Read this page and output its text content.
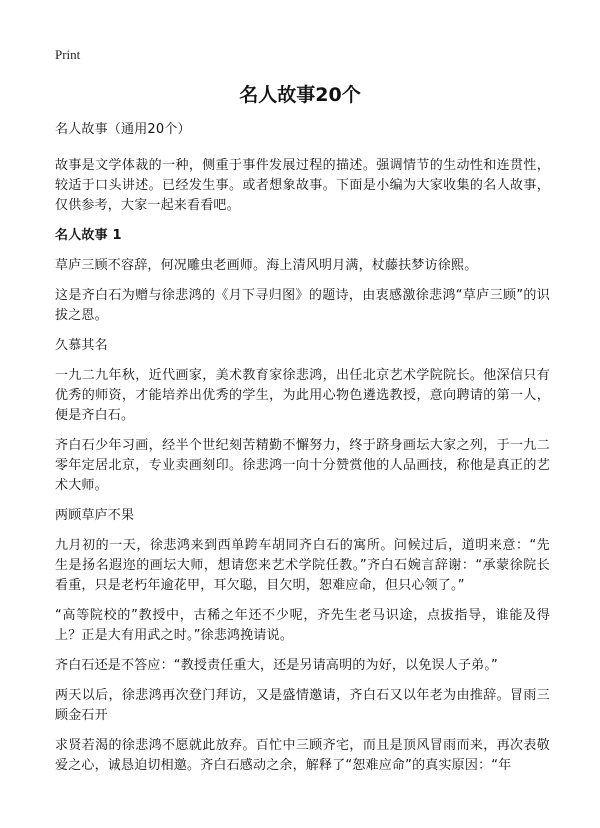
Print
名人故事20个

名人故事（通用20个）

故事是文学体裁的一种，侧重于事件发展过程的描述。强调情节的生动性和连贯性，较适于口头讲述。已经发生事。或者想象故事。下面是小编为大家收集的名人故事，仅供参考，大家一起来看看吧。

名人故事 1

草庐三顾不容辞，何况雕虫老画师。海上清风明月满，杖藤扶梦访徐熙。

这是齐白石为赠与徐悲鸿的《月下寻归图》的题诗，由衷感激徐悲鸿“草庐三顾”的识拔之恩。

久慕其名

一九二九年秋，近代画家，美术教育家徐悲鸿，出任北京艺术学院院长。他深信只有优秀的师资，才能培养出优秀的学生，为此用心物色遴选教授，意向聘请的第一人，便是齐白石。

齐白石少年习画，经半个世纪刻苦精勤不懈努力，终于跻身画坛大家之列，于一九二零年定居北京，专业卖画刻印。徐悲鸿一向十分赞赏他的人品画技，称他是真正的艺术大师。

两顾草庐不果

九月初的一天，徐悲鸿来到西单跨车胡同齐白石的寓所。问候过后，道明来意：“先生是扬名遐迩的画坛大师，想请您来艺术学院任教。”齐白石婉言辞谢：“承蒙徐院长看重，只是老朽年逾花甲，耳欠聪，目欠明，恕难应命，但只心领了。”

“高等院校的”教授中，古稀之年还不少呢，齐先生老马识途，点拔指导，谁能及得上？正是大有用武之时。”徐悲鸿挽请说。

齐白石还是不答应：“教授责任重大，还是另请高明的为好，以免误人子弟。”

两天以后，徐悲鸿再次登门拜访，又是盛情邀请，齐白石又以年老为由推辞。冒雨三顾金石开

求贤若渴的徐悲鸿不愿就此放弃。百忙中三顾齐宅，而且是顶风冒雨而来，再次表敬爱之心，诚恳迫切相邀。齐白石感动之余，解释了“恕难应命”的真实原因：“年
